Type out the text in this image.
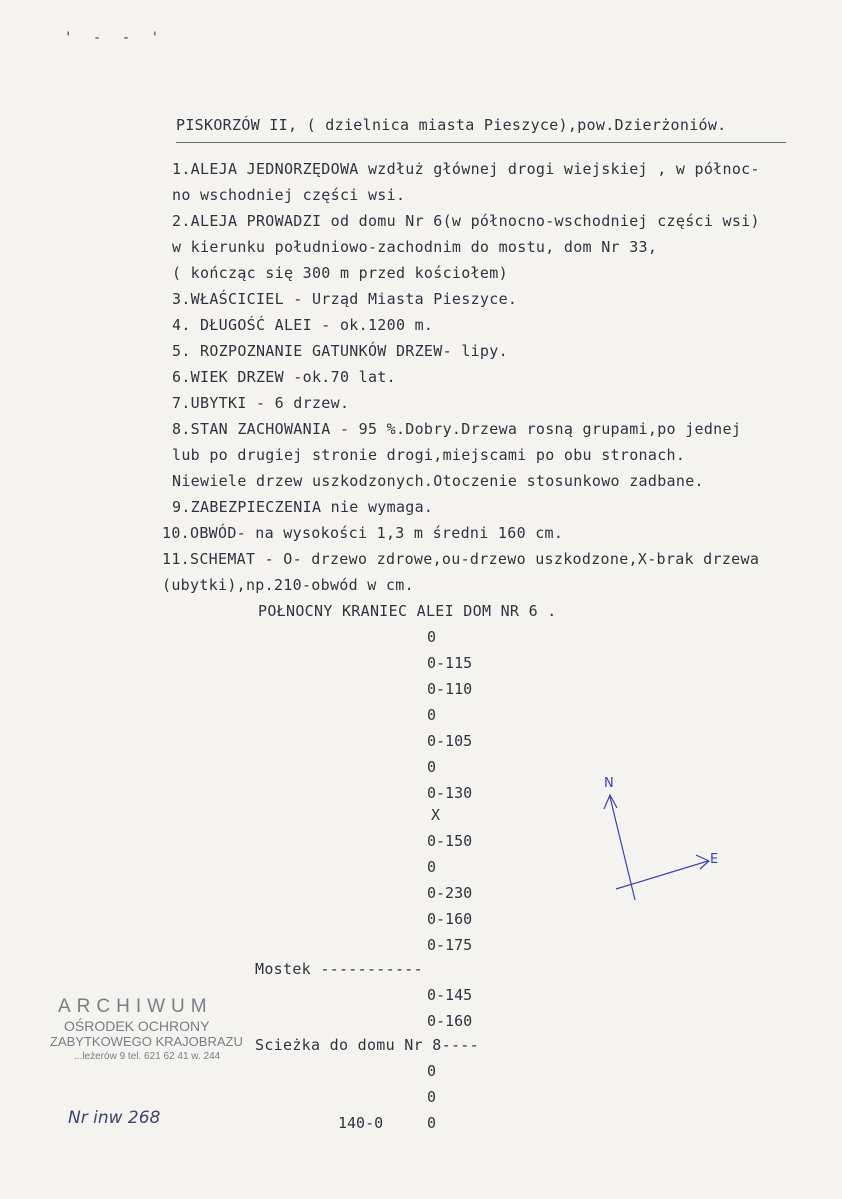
' - - '
PISKORZÓW II, ( dzielnica miasta Pieszyce),pow.Dzierżoniów.
1.ALEJA JEDNORZĘDOWA wzdłuż głównej drogi wiejskiej , w północ-
no wschodniej części wsi.
2.ALEJA PROWADZI od domu Nr 6(w północno-wschodniej części wsi)
w kierunku południowo-zachodnim do mostu, dom Nr 33,
( kończąc się 300 m przed kościołem)
3.WŁAŚCICIEL - Urząd Miasta Pieszyce.
4. DŁUGOŚĆ ALEI - ok.1200 m.
5. ROZPOZNANIE GATUNKÓW DRZEW- lipy.
6.WIEK DRZEW -ok.70 lat.
7.UBYTKI - 6 drzew.
8.STAN ZACHOWANIA - 95 %.Dobry.Drzewa rosną grupami,po jednej
lub po drugiej stronie drogi,miejscami po obu stronach.
Niewiele drzew uszkodzonych.Otoczenie stosunkowo zadbane.
9.ZABEZPIECZENIA nie wymaga.
10.OBWÓD- na wysokości 1,3 m średni 160 cm.
11.SCHEMAT - O- drzewo zdrowe,ou-drzewo uszkodzone,X-brak drzewa
(ubytki),np.210-obwód w cm.
POŁNOCNY KRANIEC ALEI DOM NR 6 .
0
0-115
0-110
0
0-105
0
0-130
X
0-150
0
0-230
0-160
0-175
Mostek -----------
0-145
0-160
Scieżka do domu Nr 8----
0
0
0
140-0
N
E
ARCHIWUM
OŚRODEK OCHRONY
ZABYTKOWEGO KRAJOBRAZU
...leżerów 9 tel. 621 62 41 w. 244
Nr inw 268
